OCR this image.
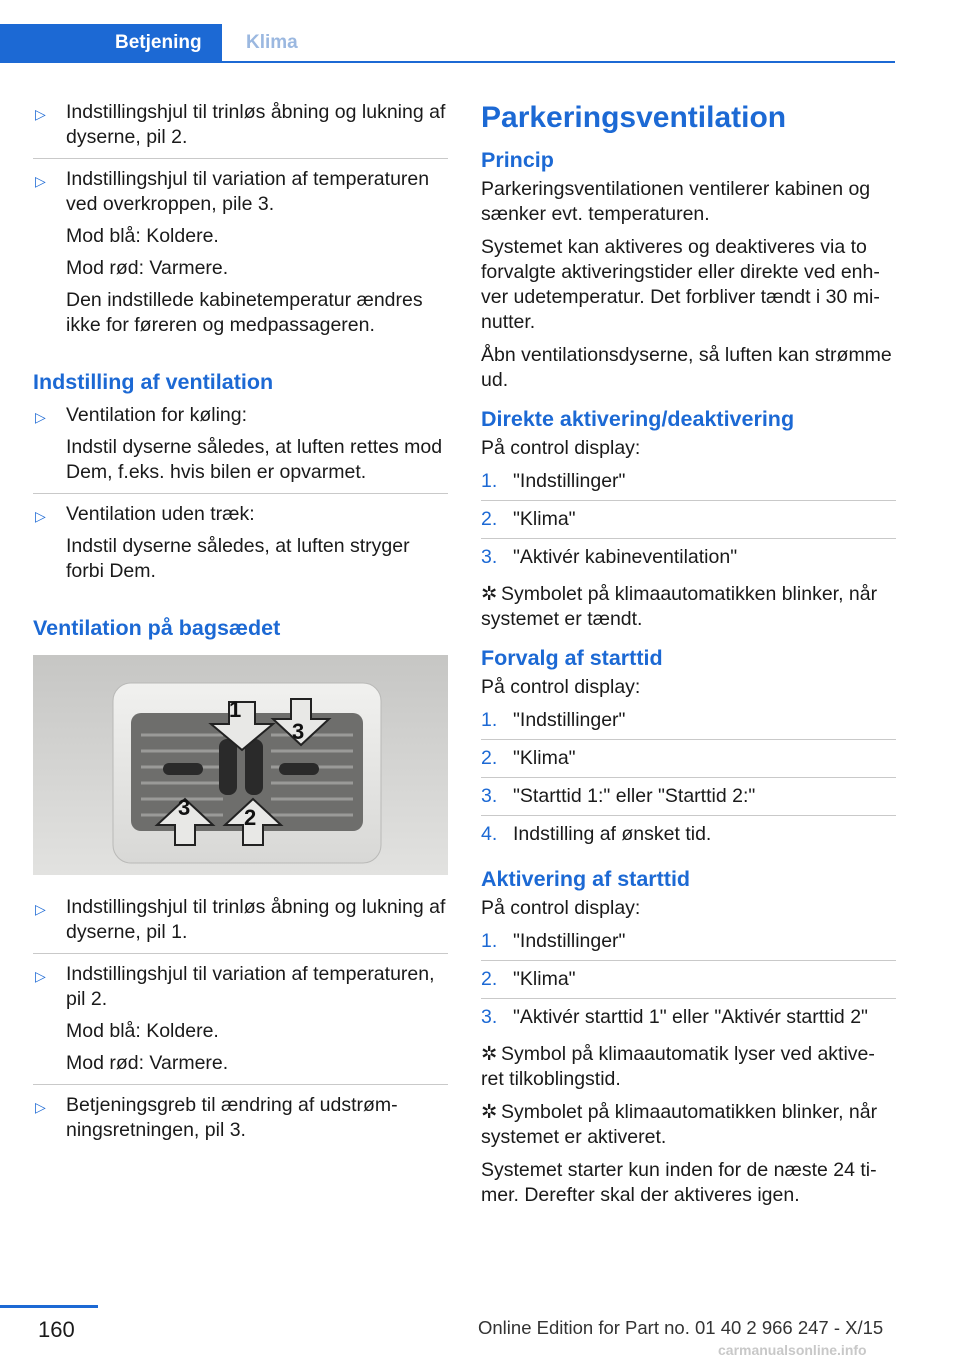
Betjening	Klima
▷ Indstillingshjul til trinløs åbning og lukning af dyserne, pil 2.

▷ Indstillingshjul til variation af temperaturen ved overkroppen, pile 3.

Mod blå: Koldere.

Mod rød: Varmere.

Den indstillede kabinetemperatur ændres ikke for føreren og medpassageren.

Indstilling af ventilation
▷ Ventilation for køling:

Indstil dyserne således, at luften rettes mod Dem, f.eks. hvis bilen er opvarmet.

▷ Ventilation uden træk:

Indstil dyserne således, at luften stryger forbi Dem.

Ventilation på bagsædet
1
2
3
3
▷ Indstillingshjul til trinløs åbning og lukning af dyserne, pil 1.

▷ Indstillingshjul til variation af temperaturen, pil 2.

Mod blå: Koldere.

Mod rød: Varmere.

▷ Betjeningsgreb til ændring af udstrøm-ningsretningen, pil 3.

Parkeringsventilation
Princip

Parkeringsventilationen ventilerer kabinen og sænker evt. temperaturen.

Systemet kan aktiveres og deaktiveres via to forvalgte aktiveringstider eller direkte ved enh-ver udetemperatur. Det forbliver tændt i 30 mi-nutter.

Åbn ventilationsdyserne, så luften kan strømme ud.

Direkte aktivering/deaktivering

På control display:

1. "Indstillinger"
2. "Klima"
3. "Aktivér kabineventilation"

✲ Symbolet på klimaautomatikken blinker, når systemet er tændt.

Forvalg af starttid

På control display:

1. "Indstillinger"
2. "Klima"
3. "Starttid 1:" eller "Starttid 2:"
4. Indstilling af ønsket tid.
Aktivering af starttid

På control display:

1. "Indstillinger"
2. "Klima"
3. "Aktivér starttid 1" eller "Aktivér starttid 2"

✲ Symbol på klimaautomatik lyser ved aktive-ret tilkoblingstid.

✲ Symbolet på klimaautomatikken blinker, når systemet er aktiveret.

Systemet starter kun inden for de næste 24 ti-mer. Derefter skal der aktiveres igen.

160	Online Edition for Part no. 01 40 2 966 247 - X/15
carmanualsonline.info
